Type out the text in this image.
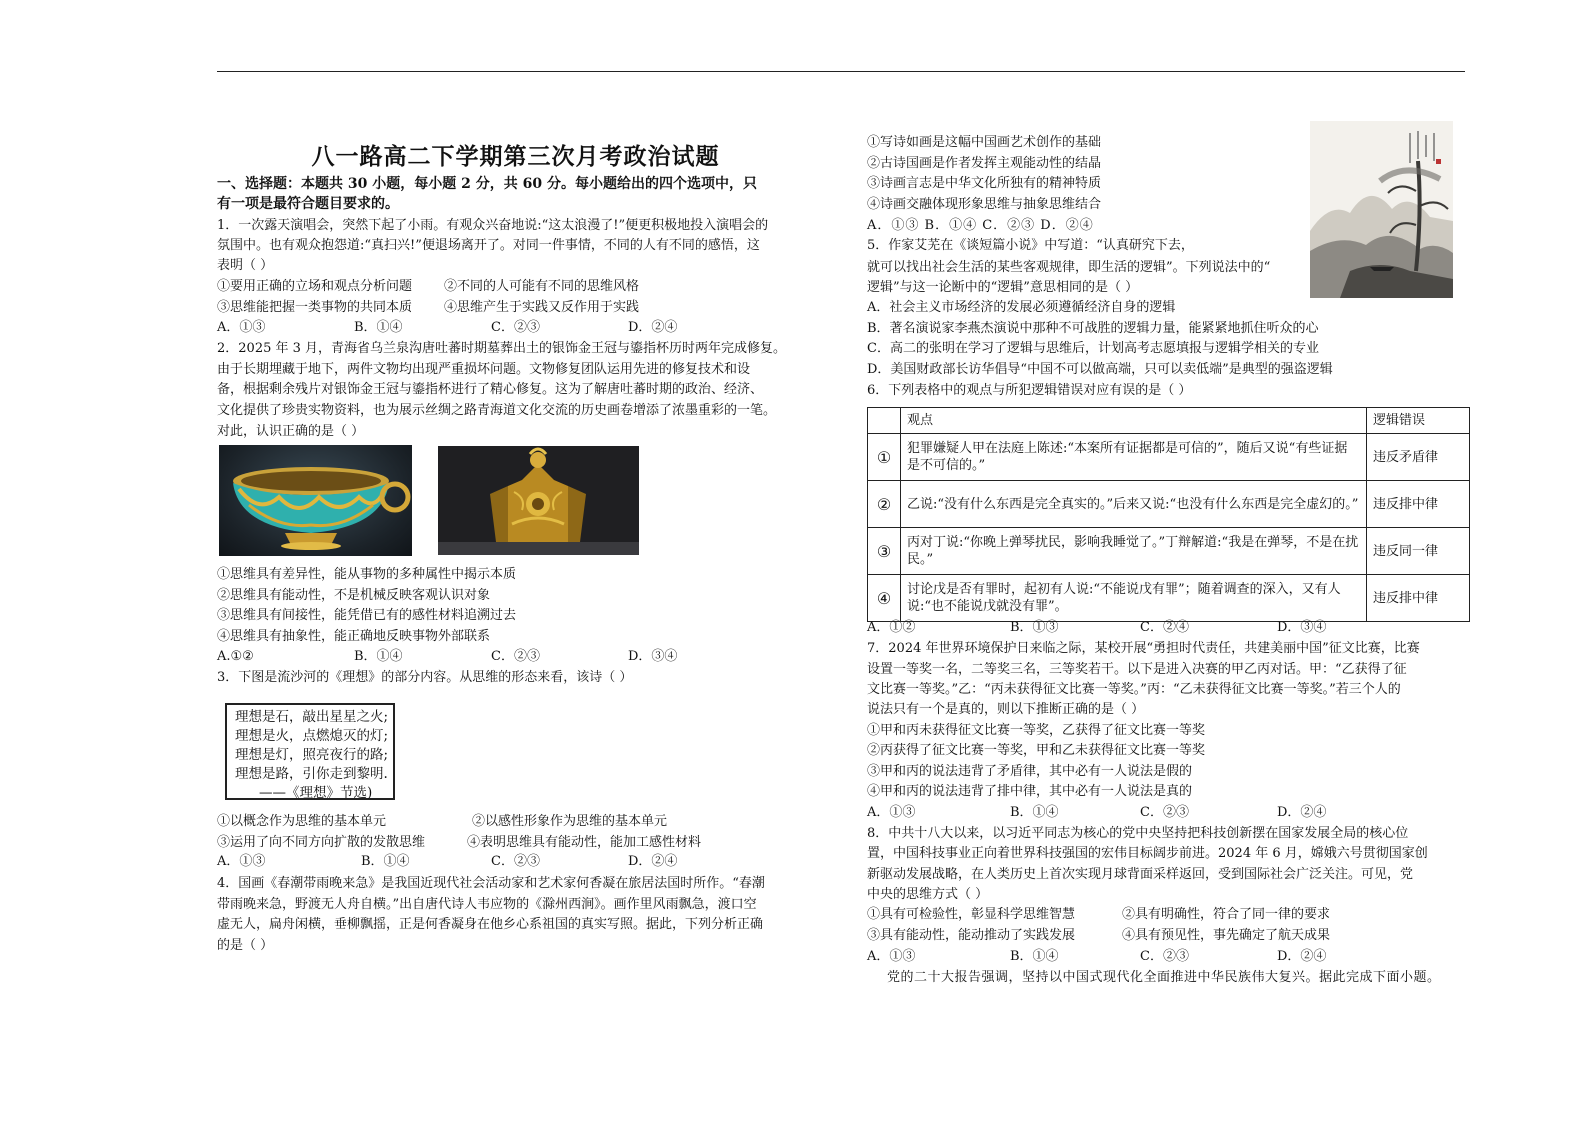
八一路高二下学期第三次月考政治试题
一、选择题：本题共 30 小题，每小题 2 分，共 60 分。每小题给出的四个选项中，只
有一项是最符合题目要求的。
1．一次露天演唱会，突然下起了小雨。有观众兴奋地说:“这太浪漫了!”便更积极地投入演唱会的
氛围中。也有观众抱怨道:“真扫兴!”便退场离开了。对同一件事情，不同的人有不同的感悟，这
表明（ ）
①要用正确的立场和观点分析问题 ②不同的人可能有不同的思维风格
③思维能把握一类事物的共同本质 ④思维产生于实践又反作用于实践
A．①③	B．①④	C．②③	D．②④
2．2025 年 3 月，青海省乌兰泉沟唐吐蕃时期墓葬出土的银饰金王冠与鎏指杯历时两年完成修复。
由于长期埋藏于地下，两件文物均出现严重损坏问题。文物修复团队运用先进的修复技术和设
备，根据剩余残片对银饰金王冠与鎏指杯进行了精心修复。这为了解唐吐蕃时期的政治、经济、
文化提供了珍贵实物资料，也为展示丝绸之路青海道文化交流的历史画卷增添了浓墨重彩的一笔。
对此，认识正确的是（ ）
①思维具有差异性，能从事物的多种属性中揭示本质
②思维具有能动性，不是机械反映客观认识对象
③思维具有间接性，能凭借已有的感性材料追溯过去
④思维具有抽象性，能正确地反映事物外部联系
A.①②	B．①④	C．②③	D．③④
3．下图是流沙河的《理想》的部分内容。从思维的形态来看，该诗（ ）
理想是石，敲出星星之火;
理想是火，点燃熄灭的灯;
理想是灯，照亮夜行的路;
理想是路，引你走到黎明.
——《理想》节选)
①以概念作为思维的基本单元	②以感性形象作为思维的基本单元
③运用了向不同方向扩散的发散思维	④表明思维具有能动性，能加工感性材料
A．①③	B．①④	C．②③	D．②④
4．国画《春潮带雨晚来急》是我国近现代社会活动家和艺术家何香凝在旅居法国时所作。“春潮
带雨晚来急，野渡无人舟自横。”出自唐代诗人韦应物的《滁州西涧》。画作里风雨飘急，渡口空
虚无人，扁舟闲横，垂柳飘摇，正是何香凝身在他乡心系祖国的真实写照。据此，下列分析正确
的是（ ）
①写诗如画是这幅中国画艺术创作的基础
②古诗国画是作者发挥主观能动性的结晶
③诗画言志是中华文化所独有的精神特质
④诗画交融体现形象思维与抽象思维结合
A．①③ B．①④ C．②③ D．②④
5．作家艾芜在《谈短篇小说》中写道：“认真研究下去，
就可以找出社会生活的某些客观规律，即生活的逻辑”。下列说法中的“
逻辑”与这一论断中的“逻辑”意思相同的是（ ）
A．社会主义市场经济的发展必须遵循经济自身的逻辑
B．著名演说家李燕杰演说中那种不可战胜的逻辑力量，能紧紧地抓住听众的心
C．高二的张明在学习了逻辑与思维后，计划高考志愿填报与逻辑学相关的专业
D．美国财政部长访华倡导“中国不可以做高端，只可以卖低端”是典型的强盗逻辑
6．下列表格中的观点与所犯逻辑错误对应有误的是（ ）
	观点	逻辑错误
①	犯罪嫌疑人甲在法庭上陈述:“本案所有证据都是可信的”，随后又说“有些证据是不可信的。”	违反矛盾律
②	乙说:“没有什么东西是完全真实的。”后来又说:“也没有什么东西是完全虚幻的。”	违反排中律
③	丙对丁说:“你晚上弹琴扰民，影响我睡觉了。”丁辩解道:“我是在弹琴，不是在扰民。”	违反同一律
④	讨论戊是否有罪时，起初有人说:“不能说戊有罪”；随着调查的深入，又有人说:“也不能说戊就没有罪”。	违反排中律
A．①②	B．①③	C．②④	D．③④
7．2024 年世界环境保护日来临之际，某校开展“勇担时代责任，共建美丽中国”征文比赛，比赛
设置一等奖一名，二等奖三名，三等奖若干。以下是进入决赛的甲乙丙对话。甲：“乙获得了征
文比赛一等奖。”乙：“丙未获得征文比赛一等奖。”丙：“乙未获得征文比赛一等奖。”若三个人的
说法只有一个是真的，则以下推断正确的是（ ）
①甲和丙未获得征文比赛一等奖，乙获得了征文比赛一等奖
②丙获得了征文比赛一等奖，甲和乙未获得征文比赛一等奖
③甲和丙的说法违背了矛盾律，其中必有一人说法是假的
④甲和丙的说法违背了排中律，其中必有一人说法是真的
A．①③	B．①④	C．②③	D．②④
8．中共十八大以来，以习近平同志为核心的党中央坚持把科技创新摆在国家发展全局的核心位
置，中国科技事业正向着世界科技强国的宏伟目标阔步前进。2024 年 6 月，嫦娥六号贯彻国家创
新驱动发展战略，在人类历史上首次实现月球背面采样返回，受到国际社会广泛关注。可见，党
中央的思维方式（ ）
①具有可检验性，彰显科学思维智慧	②具有明确性，符合了同一律的要求
③具有能动性，能动推动了实践发展	④具有预见性，事先确定了航天成果
A．①③	B．①④	C．②③	D．②④
党的二十大报告强调，坚持以中国式现代化全面推进中华民族伟大复兴。据此完成下面小题。
